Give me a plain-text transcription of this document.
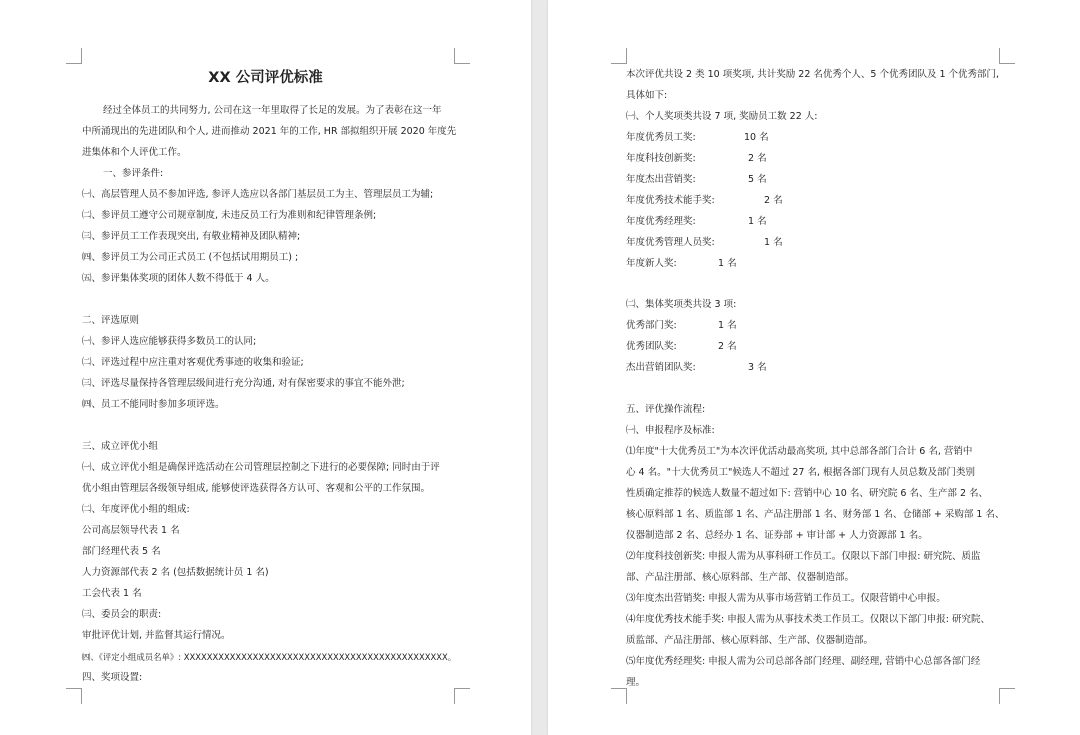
XX 公司评优标准
经过全体员工的共同努力, 公司在这一年里取得了长足的发展。为了表彰在这一年
中所涌现出的先进团队和个人, 进而推动 2021 年的工作, HR 部拟组织开展 2020 年度先
进集体和个人评优工作。
一、参评条件:
㈠、高层管理人员不参加评选, 参评人选应以各部门基层员工为主、管理层员工为辅;
㈡、参评员工遵守公司规章制度, 未违反员工行为准则和纪律管理条例;
㈢、参评员工工作表现突出, 有敬业精神及团队精神;
㈣、参评员工为公司正式员工 (不包括试用期员工) ;
㈤、参评集体奖项的团体人数不得低于 4 人。
二、评选原则
㈠、参评人选应能够获得多数员工的认同;
㈡、评选过程中应注重对客观优秀事迹的收集和验证;
㈢、评选尽量保持各管理层级间进行充分沟通, 对有保密要求的事宜不能外泄;
㈣、员工不能同时参加多项评选。
三、成立评优小组
㈠、成立评优小组是确保评选活动在公司管理层控制之下进行的必要保障; 同时由于评
优小组由管理层各级领导组成, 能够使评选获得各方认可、客观和公平的工作氛围。
㈡、年度评优小组的组成:
公司高层领导代表 1 名
部门经理代表 5 名
人力资源部代表 2 名 (包括数据统计员 1 名)
工会代表 1 名
㈢、委员会的职责:
审批评优计划, 并监督其运行情况。
㈣、《评定小组成员名单》: XXXXXXXXXXXXXXXXXXXXXXXXXXXXXXXXXXXXXXXXXXXXXX。
四、奖项设置:
本次评优共设 2 类 10 项奖项, 共计奖励 22 名优秀个人、5 个优秀团队及 1 个优秀部门,
具体如下:
㈠、个人奖项类共设 7 项, 奖励员工数 22 人:
年度优秀员工奖:	10 名
年度科技创新奖:	2 名
年度杰出营销奖:	5 名
年度优秀技术能手奖:	2 名
年度优秀经理奖:	1 名
年度优秀管理人员奖:	1 名
年度新人奖:	1 名
㈡、集体奖项类共设 3 项:
优秀部门奖:	1 名
优秀团队奖:	2 名
杰出营销团队奖:	3 名
五、评优操作流程:
㈠、申报程序及标准:
⑴年度"十大优秀员工"为本次评优活动最高奖项, 其中总部各部门合计 6 名, 营销中
心 4 名。"十大优秀员工"候选人不超过 27 名, 根据各部门现有人员总数及部门类别
性质确定推荐的候选人数量不超过如下: 营销中心 10 名、研究院 6 名、生产部 2 名、
核心原料部 1 名、质监部 1 名、产品注册部 1 名、财务部 1 名、仓储部 + 采购部 1 名、
仪器制造部 2 名、总经办 1 名、证券部 + 审计部 + 人力资源部 1 名。
⑵年度科技创新奖: 申报人需为从事科研工作员工。仅限以下部门申报: 研究院、质监
部、产品注册部、核心原料部、生产部、仪器制造部。
⑶年度杰出营销奖: 申报人需为从事市场营销工作员工。仅限营销中心申报。
⑷年度优秀技术能手奖: 申报人需为从事技术类工作员工。仅限以下部门申报: 研究院、
质监部、产品注册部、核心原料部、生产部、仪器制造部。
⑸年度优秀经理奖: 申报人需为公司总部各部门经理、副经理, 营销中心总部各部门经
理。
